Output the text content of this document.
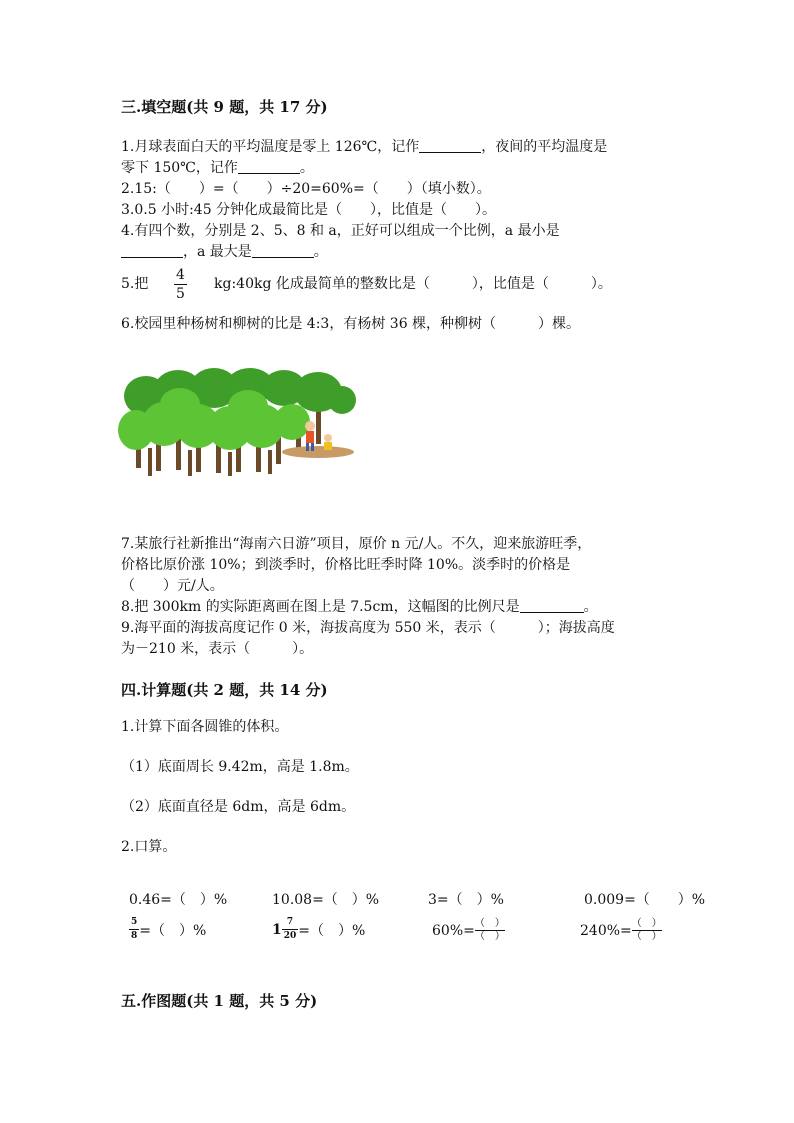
三.填空题(共 9 题，共 17 分)
1.月球表面白天的平均温度是零上 126℃，记作	，夜间的平均温度是
零下 150℃，记作	。
2.15:（　　）=（　　）÷20=60%=（　　）（填小数）。
3.0.5 小时:45 分钟化成最简比是（　　），比值是（　　）。
4.有四个数，分别是 2、5、8 和 a，正好可以组成一个比例，a 最小是
，a 最大是	。
5.把 $\frac{4}{5}$ kg:40kg 化成最简单的整数比是（　　　），比值是（　　　）。
6.校园里种杨树和柳树的比是 4:3，有杨树 36 棵，种柳树（　　　）棵。
7.某旅行社新推出“海南六日游”项目，原价 n 元/人。不久，迎来旅游旺季，
价格比原价涨 10%；到淡季时，价格比旺季时降 10%。淡季时的价格是
（　　）元/人。
8.把 300km 的实际距离画在图上是 7.5cm，这幅图的比例尺是	。
9.海平面的海拔高度记作 0 米，海拔高度为 550 米，表示（　　　）；海拔高度
为－210 米，表示（　　　）。
四.计算题(共 2 题，共 14 分)
1.计算下面各圆锥的体积。
（1）底面周长 9.42m，高是 1.8m。
（2）底面直径是 6dm，高是 6dm。
2.口算。
0.46=（　）%	10.08=（　）%	3=（　）%	0.009=（　　）%
$\frac{5}{8}$ =（　）%	$1 \frac{7}{20}$ =（　）%	$60\%= \frac{( )}{( )}$	$240\%= \frac{( )}{( )}$
五.作图题(共 1 题，共 5 分)
